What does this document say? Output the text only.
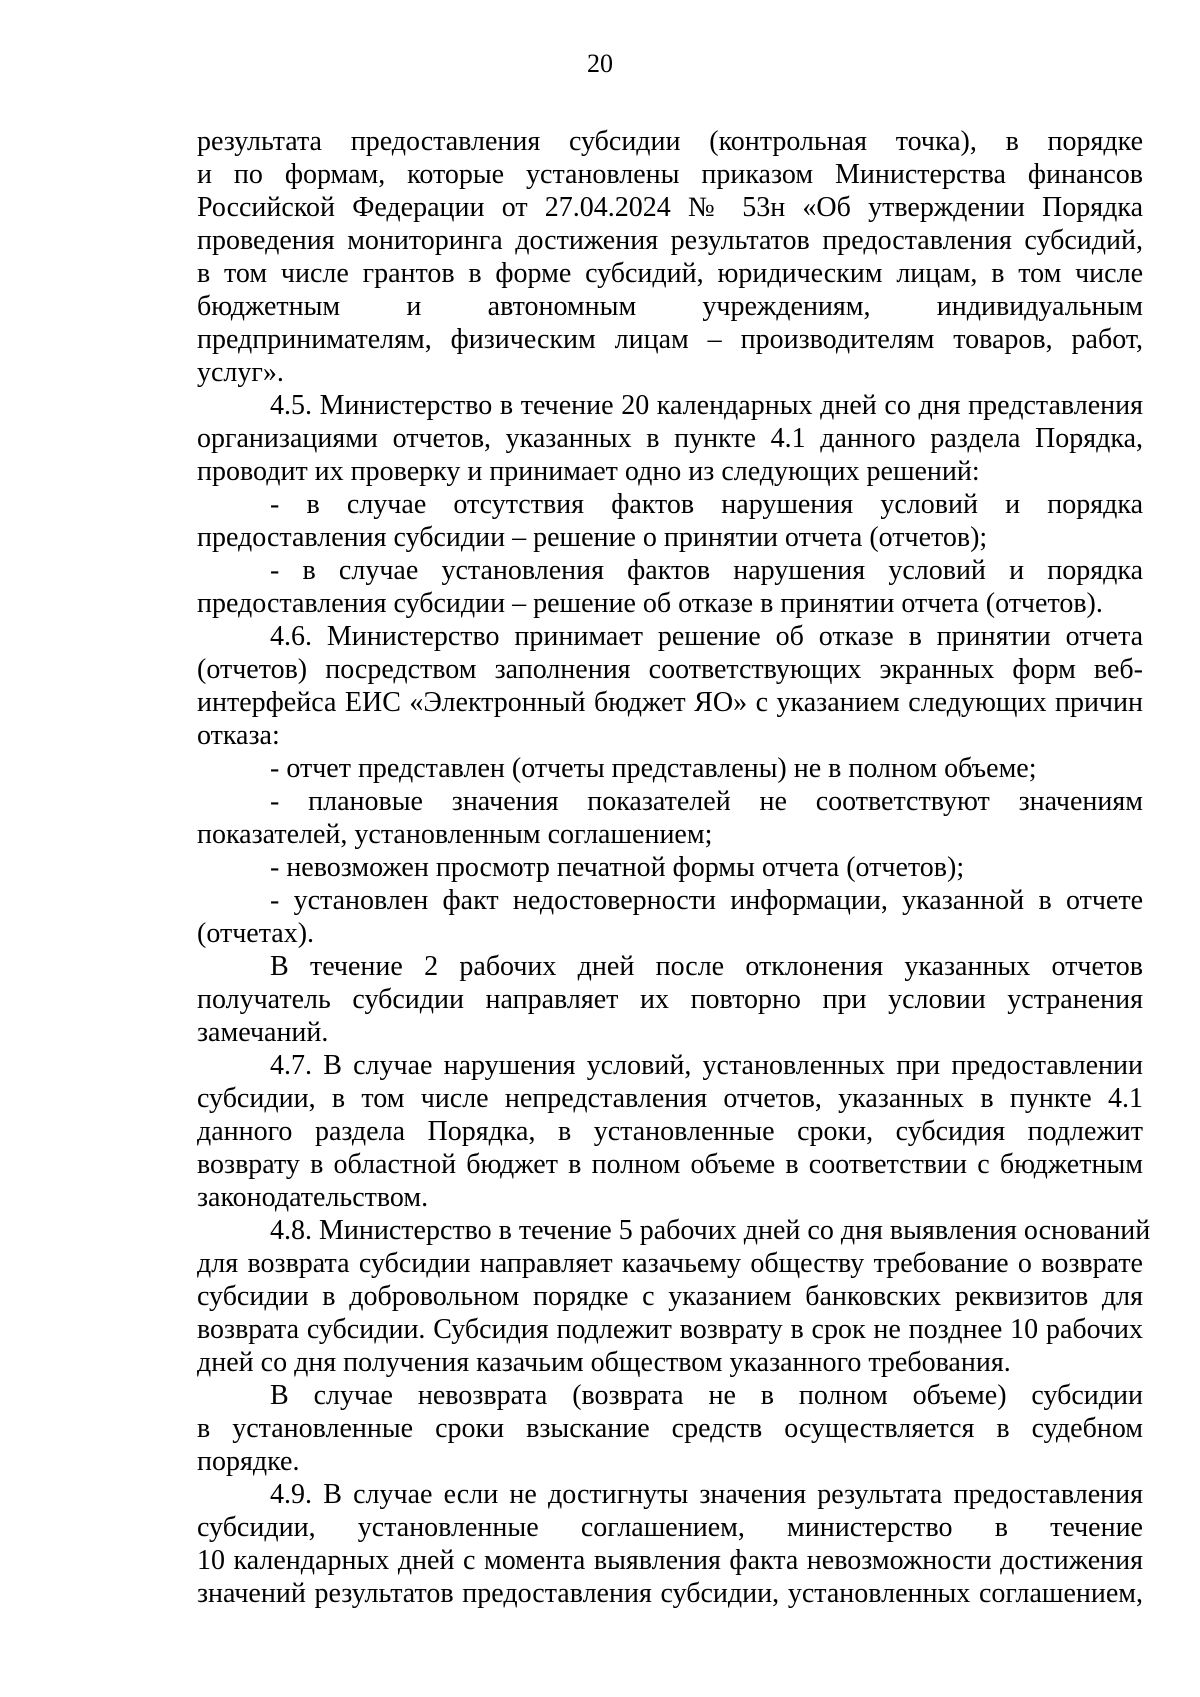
20
результата предоставления субсидии (контрольная точка), в порядке
и по формам, которые установлены приказом Министерства финансов
Российской Федерации от 27.04.2024 № 53н «Об утверждении Порядка
проведения мониторинга достижения результатов предоставления субсидий,
в том числе грантов в форме субсидий, юридическим лицам, в том числе
бюджетным и автономным учреждениям, индивидуальным
предпринимателям, физическим лицам – производителям товаров, работ,
услуг».
4.5. Министерство в течение 20 календарных дней со дня представления
организациями отчетов, указанных в пункте 4.1 данного раздела Порядка,
проводит их проверку и принимает одно из следующих решений:
- в случае отсутствия фактов нарушения условий и порядка
предоставления субсидии – решение о принятии отчета (отчетов);
- в случае установления фактов нарушения условий и порядка
предоставления субсидии – решение об отказе в принятии отчета (отчетов).
4.6. Министерство принимает решение об отказе в принятии отчета
(отчетов) посредством заполнения соответствующих экранных форм веб-
интерфейса ЕИС «Электронный бюджет ЯО» с указанием следующих причин
отказа:
- отчет представлен (отчеты представлены) не в полном объеме;
- плановые значения показателей не соответствуют значениям
показателей, установленным соглашением;
- невозможен просмотр печатной формы отчета (отчетов);
- установлен факт недостоверности информации, указанной в отчете
(отчетах).
В течение 2 рабочих дней после отклонения указанных отчетов
получатель субсидии направляет их повторно при условии устранения
замечаний.
4.7. В случае нарушения условий, установленных при предоставлении
субсидии, в том числе непредставления отчетов, указанных в пункте 4.1
данного раздела Порядка, в установленные сроки, субсидия подлежит
возврату в областной бюджет в полном объеме в соответствии с бюджетным
законодательством.
4.8. Министерство в течение 5 рабочих дней со дня выявления оснований
для возврата субсидии направляет казачьему обществу требование о возврате
субсидии в добровольном порядке с указанием банковских реквизитов для
возврата субсидии. Субсидия подлежит возврату в срок не позднее 10 рабочих
дней со дня получения казачьим обществом указанного требования.
В случае невозврата (возврата не в полном объеме) субсидии
в установленные сроки взыскание средств осуществляется в судебном
порядке.
4.9. В случае если не достигнуты значения результата предоставления
субсидии, установленные соглашением, министерство в течение
10 календарных дней с момента выявления факта невозможности достижения
значений результатов предоставления субсидии, установленных соглашением,
